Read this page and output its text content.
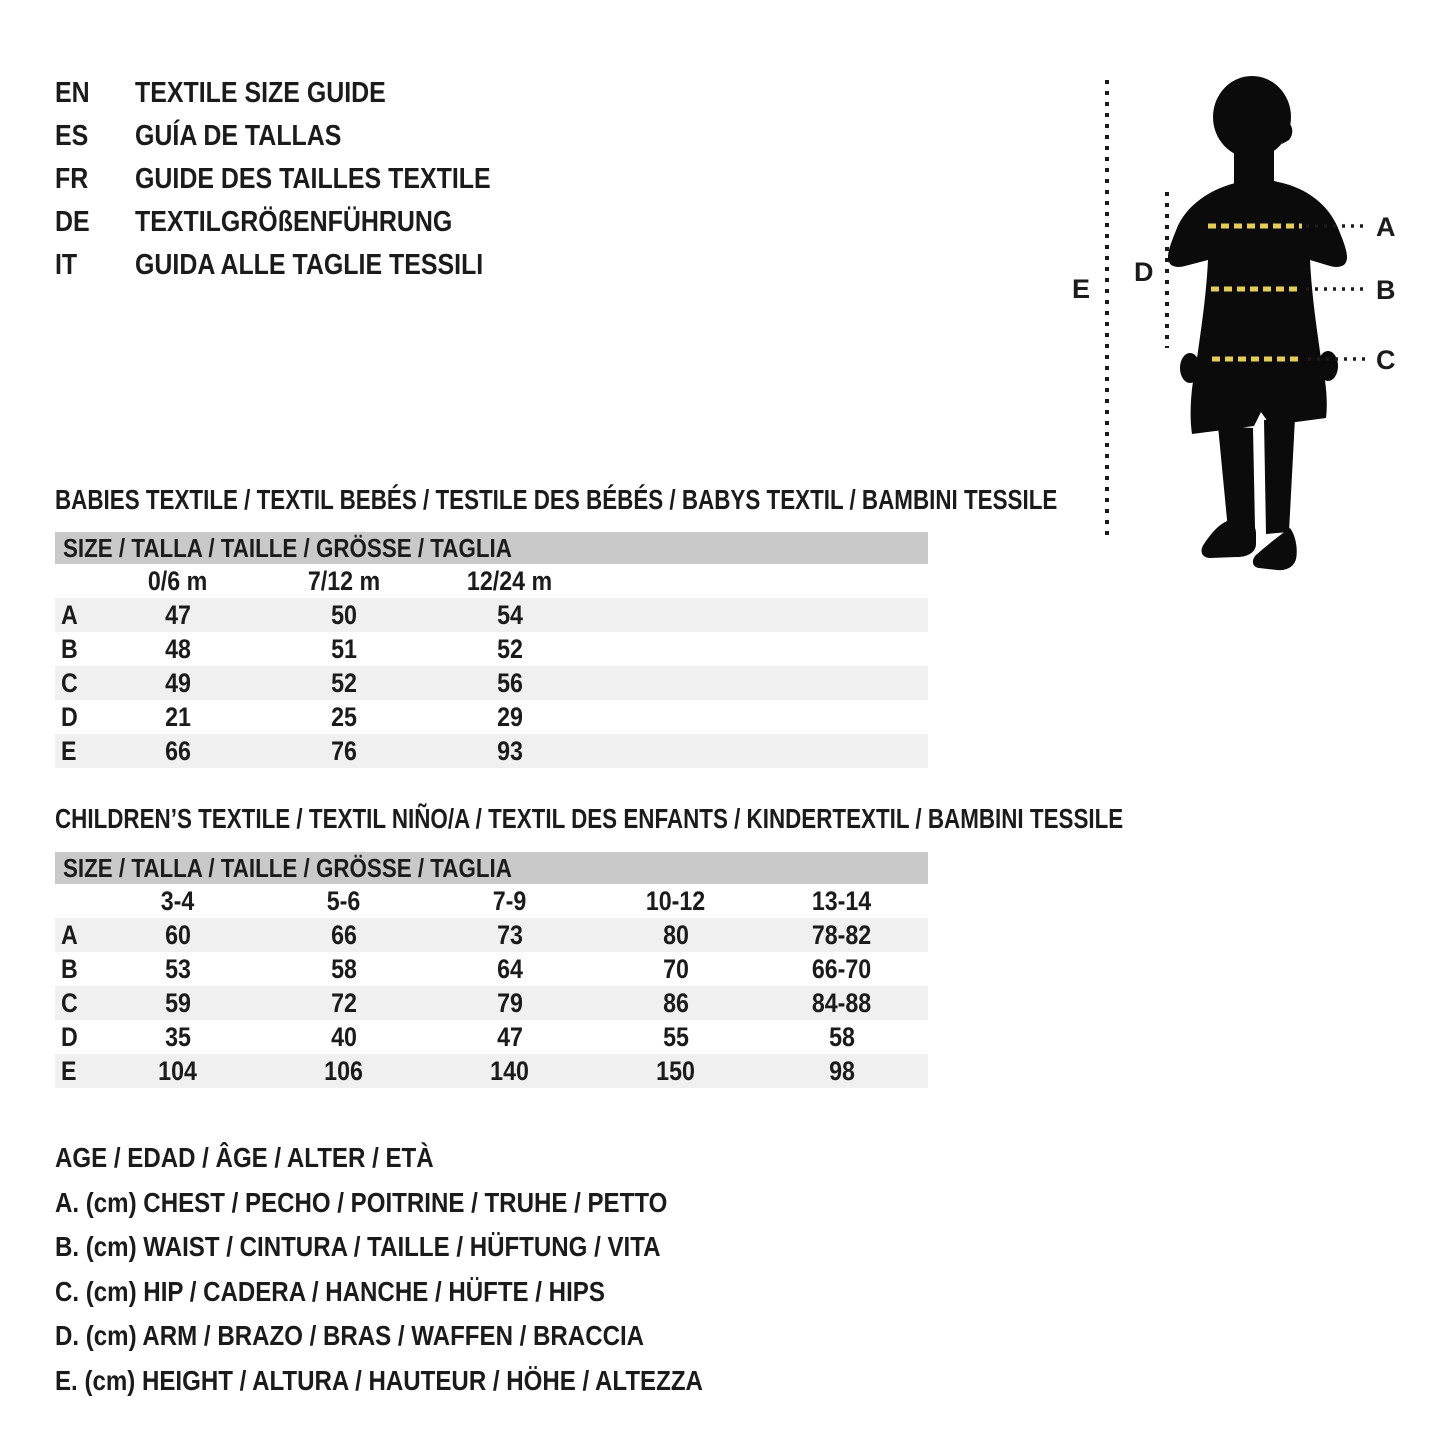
EN	TEXTILE SIZE GUIDE
ES	GUÍA DE TALLAS
FR	GUIDE DES TAILLES TEXTILE
DE	TEXTILGRÖßENFÜHRUNG
IT	GUIDA ALLE TAGLIE TESSILI
BABIES TEXTILE / TEXTIL BEBÉS / TESTILE DES BÉBÉS / BABYS TEXTIL / BAMBINI TESSILE
SIZE / TALLA / TAILLE / GRÖSSE / TAGLIA
0/6 m	7/12 m	12/24 m
A	47	50	54
B	48	51	52
C	49	52	56
D	21	25	29
E	66	76	93
CHILDREN’S TEXTILE / TEXTIL NIÑO/A / TEXTIL DES ENFANTS / KINDERTEXTIL / BAMBINI TESSILE
SIZE / TALLA / TAILLE / GRÖSSE / TAGLIA
3-4	5-6	7-9	10-12	13-14
A	60	66	73	80	78-82
B	53	58	64	70	66-70
C	59	72	79	86	84-88
D	35	40	47	55	58
E	104	106	140	150	98
AGE / EDAD / ÂGE / ALTER / ETÀ
A. (cm) CHEST / PECHO / POITRINE / TRUHE / PETTO
B. (cm) WAIST / CINTURA / TAILLE / HÜFTUNG / VITA
C. (cm) HIP / CADERA / HANCHE / HÜFTE / HIPS
D. (cm) ARM / BRAZO / BRAS / WAFFEN / BRACCIA
E. (cm) HEIGHT / ALTURA / HAUTEUR / HÖHE / ALTEZZA
A
B
C
D
E
